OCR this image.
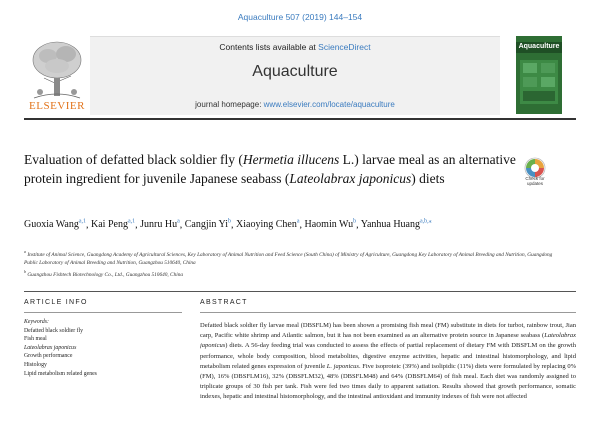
Aquaculture 507 (2019) 144–154
Contents lists available at ScienceDirect
Aquaculture
journal homepage: www.elsevier.com/locate/aquaculture
ELSEVIER
Aquaculture
Evaluation of defatted black soldier fly (Hermetia illucens L.) larvae meal as an alternative protein ingredient for juvenile Japanese seabass (Lateolabrax japonicus) diets	Check for
updates
Guoxia Wang$^{a,1}$, Kai Peng$^{a,1}$, Junru Hu$^a$, Cangjin Yi$^b$, Xiaoying Chen$^a$, Haomin Wu$^b$, Yanhua Huang$^{a,b,⁎}$
$^a$ Institute of Animal Science, Guangdong Academy of Agricultural Sciences, Key Laboratory of Animal Nutrition and Feed Science (South China) of Ministry of Agriculture, Guangdong Key Laboratory of Animal Breeding and Nutrition, Guangdong Public Laboratory of Animal Breeding and Nutrition, Guangzhou 510640, China
$^b$ Guangzhou Fishtech Biotechnology Co., Ltd., Guangzhou 510640, China
ARTICLE INFO
Keywords:
Defatted black soldier fly
Fish meal
Lateolabrax japonicus
Growth performance
Histology
Lipid metabolism related genes
ABSTRACT
Defatted black soldier fly larvae meal (DBSFLM) has been shown a promising fish meal (FM) substitute in diets for turbot, rainbow trout, Jian carp, Pacific white shrimp and Atlantic salmon, but it has not been examined as an alternative protein source in Japanese seabass (Lateolabrax japonicus) diets. A 56-day feeding trial was conducted to assess the effects of partial replacement of dietary FM with DBSFLM on the growth performance, whole body composition, blood metabolites, digestive enzyme activities, hepatic and intestinal histomorphology, and lipid metabolism related genes expression of juvenile L. japonicus. Five isoproteic (39%) and isolipidic (11%) diets were formulated by replacing 0% (FM), 16% (DBSFLM16), 32% (DBSFLM32), 48% (DBSFLM48) and 64% (DBSFLM64) of fish meal. Each diet was randomly assigned to triplicate groups of 30 fish per tank. Fish were fed two times daily to apparent satiation. Results showed that growth performance, somatic indexes, hepatic and intestinal histomorphology, and the intestinal antioxidant and immunity indexes of fish were not affected
